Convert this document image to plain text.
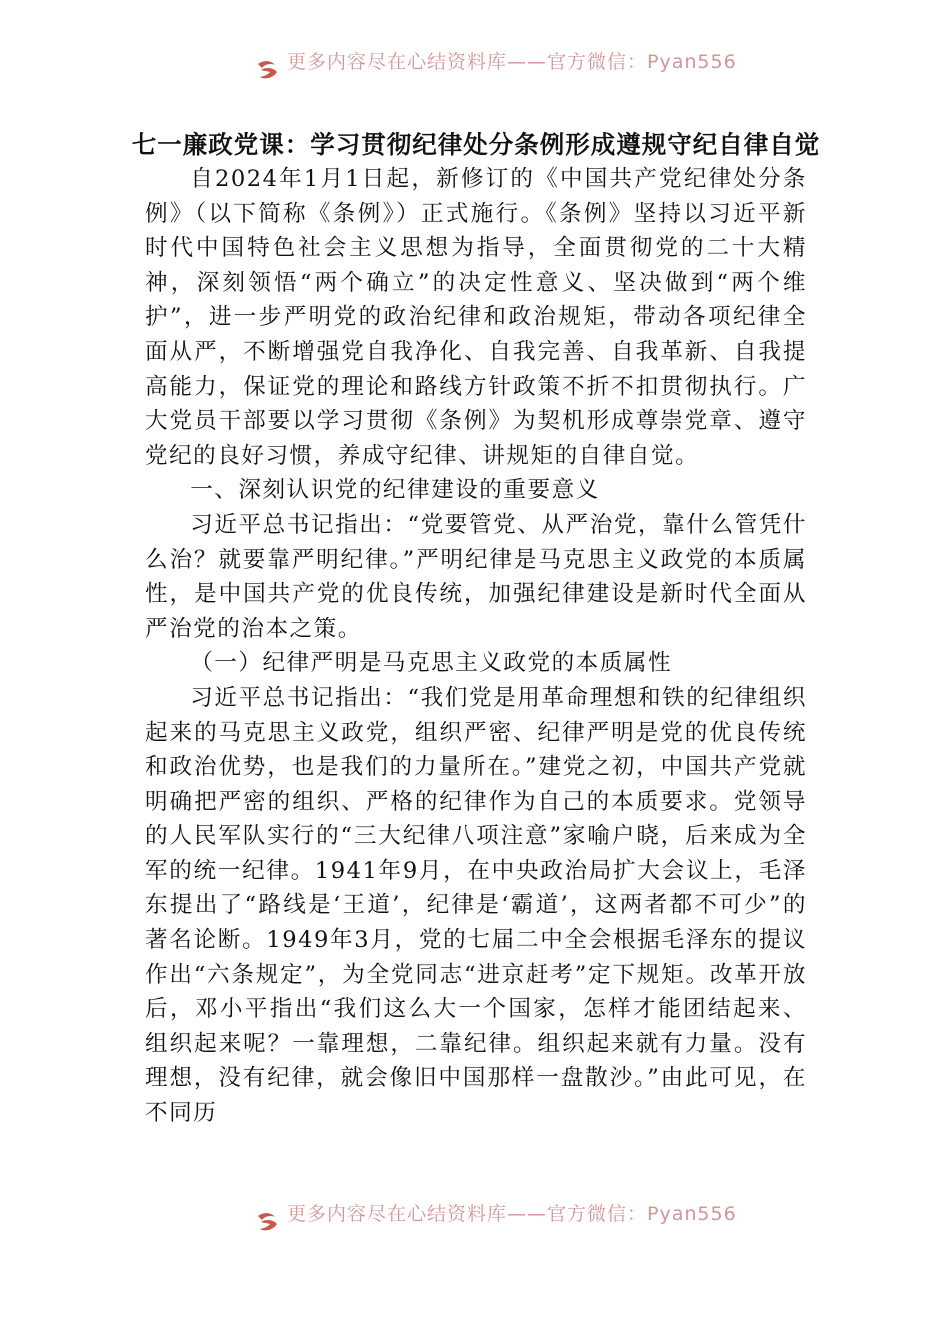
更多内容尽在心结资料库——官方微信：Pyan556
七一廉政党课：学习贯彻纪律处分条例形成遵规守纪自律自觉

自2024年1月1日起，新修订的《中国共产党纪律处分条例》（以下简称《条例》）正式施行。《条例》坚持以习近平新时代中国特色社会主义思想为指导，全面贯彻党的二十大精神，深刻领悟“两个确立”的决定性意义、坚决做到“两个维护”，进一步严明党的政治纪律和政治规矩，带动各项纪律全面从严，不断增强党自我净化、自我完善、自我革新、自我提高能力，保证党的理论和路线方针政策不折不扣贯彻执行。广大党员干部要以学习贯彻《条例》为契机形成尊崇党章、遵守党纪的良好习惯，养成守纪律、讲规矩的自律自觉。

一、深刻认识党的纪律建设的重要意义

习近平总书记指出：“党要管党、从严治党，靠什么管凭什么治？就要靠严明纪律。”严明纪律是马克思主义政党的本质属性，是中国共产党的优良传统，加强纪律建设是新时代全面从严治党的治本之策。

（一）纪律严明是马克思主义政党的本质属性

习近平总书记指出：“我们党是用革命理想和铁的纪律组织起来的马克思主义政党，组织严密、纪律严明是党的优良传统和政治优势，也是我们的力量所在。”建党之初，中国共产党就明确把严密的组织、严格的纪律作为自己的本质要求。党领导的人民军队实行的“三大纪律八项注意”家喻户晓，后来成为全军的统一纪律。1941年9月，在中央政治局扩大会议上，毛泽东提出了“路线是‘王道’，纪律是‘霸道’，这两者都不可少”的著名论断。1949年3月，党的七届二中全会根据毛泽东的提议作出“六条规定”，为全党同志“进京赶考”定下规矩。改革开放后，邓小平指出“我们这么大一个国家，怎样才能团结起来、组织起来呢？一靠理想，二靠纪律。组织起来就有力量。没有理想，没有纪律，就会像旧中国那样一盘散沙。”由此可见，在不同历

更多内容尽在心结资料库——官方微信：Pyan556
